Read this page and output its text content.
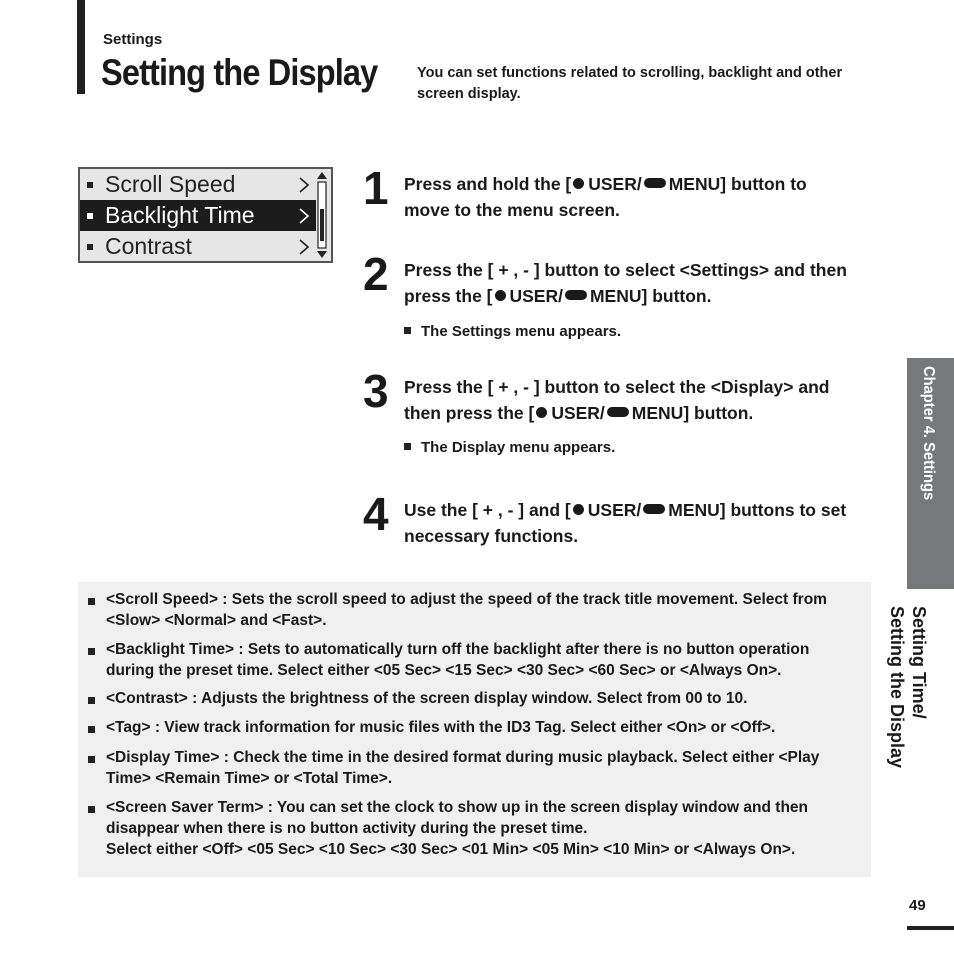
Settings
Setting the Display	You can set functions related to scrolling, backlight and other screen display.
Scroll Speed
Backlight Time
Contrast
1 Press and hold the [ USER/ MENU] button to move to the menu screen.
2 Press the [ + , - ] button to select <Settings> and then press the [ USER/ MENU] button.
The Settings menu appears.
3 Press the [ + , - ] button to select the <Display> and then press the [ USER/ MENU] button.
The Display menu appears.
4 Use the [ + , - ] and [ USER/ MENU] buttons to set necessary functions.
<Scroll Speed> : Sets the scroll speed to adjust the speed of the track title movement. Select from <Slow> <Normal> and <Fast>.
<Backlight Time> : Sets to automatically turn off the backlight after there is no button operation during the preset time. Select either <05 Sec> <15 Sec> <30 Sec> <60 Sec> or <Always On>.
<Contrast> : Adjusts the brightness of the screen display window. Select from 00 to 10.
<Tag> : View track information for music files with the ID3 Tag. Select either <On> or <Off>.
<Display Time> : Check the time in the desired format during music playback. Select either <Play Time> <Remain Time> or <Total Time>.
<Screen Saver Term> : You can set the clock to show up in the screen display window and then disappear when there is no button activity during the preset time.
Select either <Off> <05 Sec> <10 Sec> <30 Sec> <01 Min> <05 Min> <10 Min> or <Always On>.
Chapter 4. Settings
Setting Time/
Setting the Display
49
